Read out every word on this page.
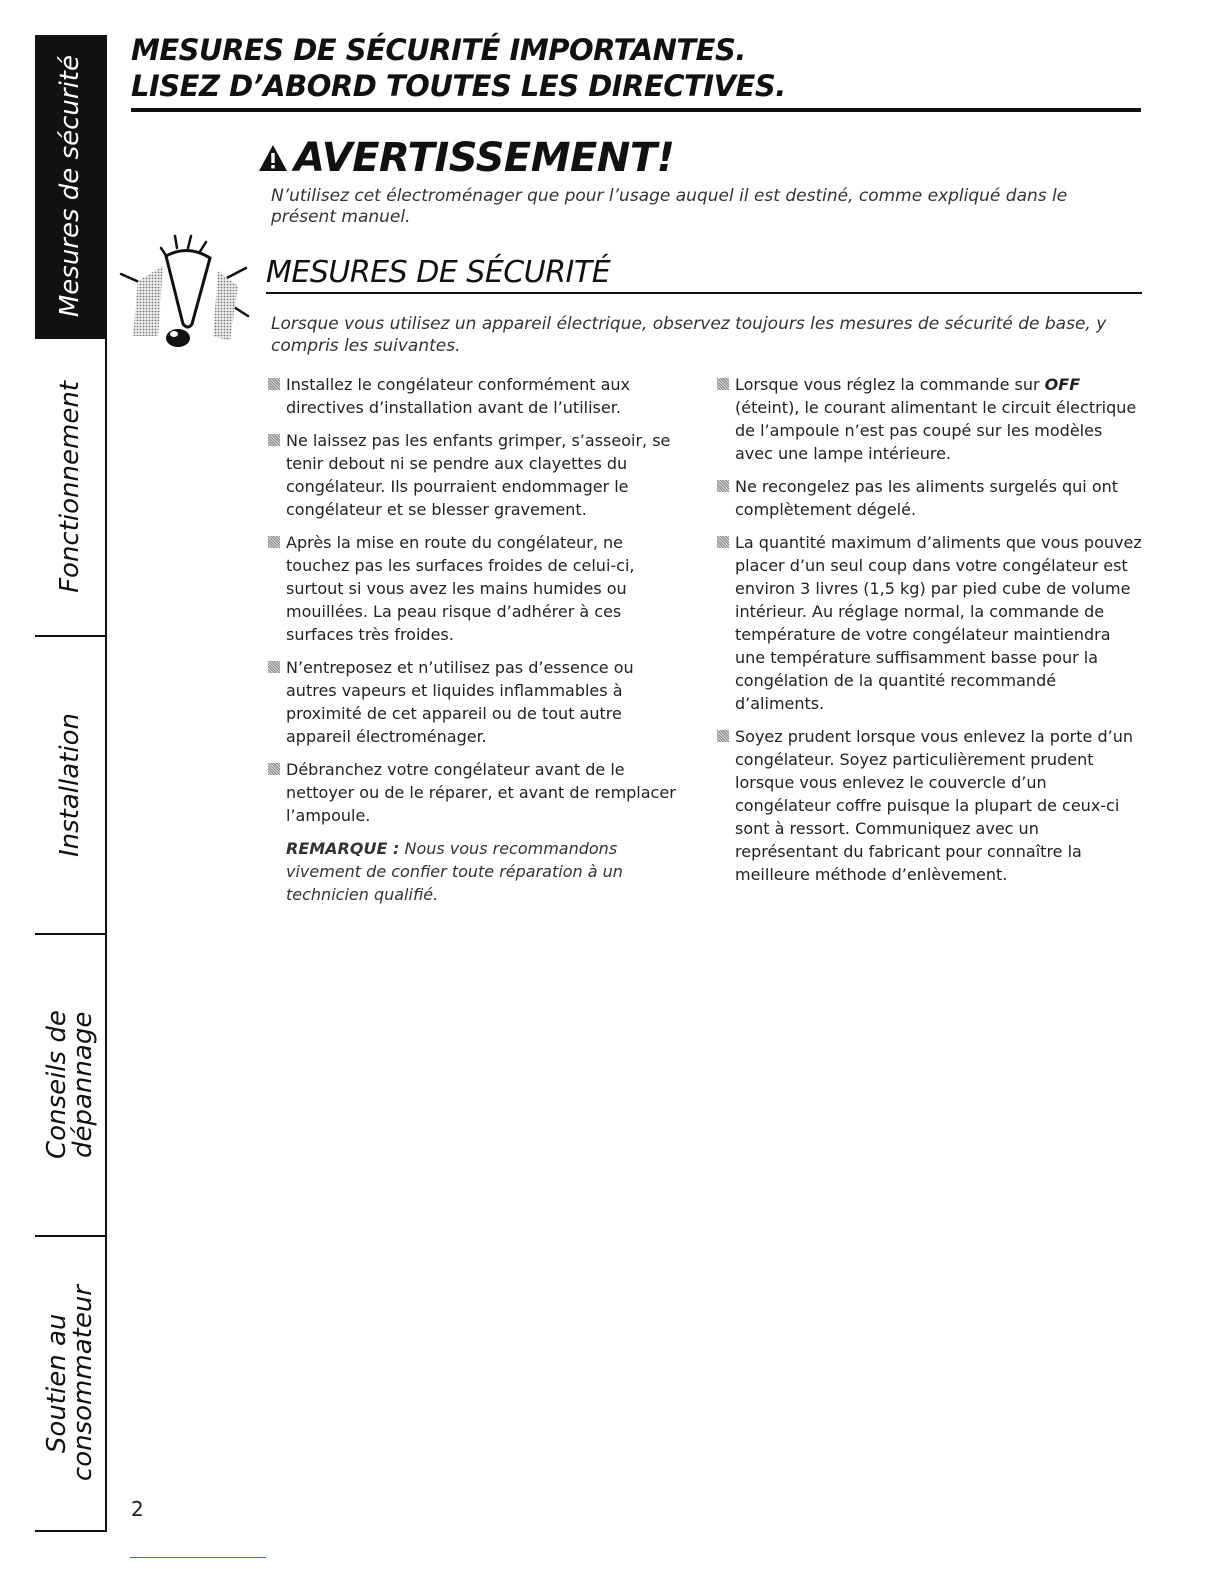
Mesures de sécurité
Fonctionnement
Installation
Conseils de dépannage
Soutien au
consommateur
MESURES DE SÉCURITÉ IMPORTANTES.
LISEZ D’ABORD TOUTES LES DIRECTIVES.
AVERTISSEMENT!
N’utilisez cet électroménager que pour l’usage auquel il est destiné, comme expliqué dans le présent manuel.
MESURES DE SÉCURITÉ
Lorsque vous utilisez un appareil électrique, observez toujours les mesures de sécurité de base, y compris les suivantes.
Installez le congélateur conformément aux directives d’installation avant de l’utiliser.
Ne laissez pas les enfants grimper, s’asseoir, se tenir debout ni se pendre aux clayettes du congélateur. Ils pourraient endommager le congélateur et se blesser gravement.
Après la mise en route du congélateur, ne touchez pas les surfaces froides de celui-ci, surtout si vous avez les mains humides ou mouillées. La peau risque d’adhérer à ces surfaces très froides.
N’entreposez et n’utilisez pas d’essence ou autres vapeurs et liquides inflammables à proximité de cet appareil ou de tout autre appareil électroménager.
Débranchez votre congélateur avant de le nettoyer ou de le réparer, et avant de remplacer l’ampoule.
REMARQUE : Nous vous recommandons vivement de confier toute réparation à un technicien qualifié.
Lorsque vous réglez la commande sur OFF (éteint), le courant alimentant le circuit électrique de l’ampoule n’est pas coupé sur les modèles avec une lampe intérieure.
Ne recongelez pas les aliments surgelés qui ont complètement dégelé.
La quantité maximum d’aliments que vous pouvez placer d’un seul coup dans votre congélateur est environ 3 livres (1,5 kg) par pied cube de volume intérieur. Au réglage normal, la commande de température de votre congélateur maintiendra une température suffisamment basse pour la congélation de la quantité recommandé d’aliments.
Soyez prudent lorsque vous enlevez la porte d’un congélateur. Soyez particulièrement prudent lorsque vous enlevez le couvercle d’un congélateur coffre puisque la plupart de ceux-ci sont à ressort. Communiquez avec un représentant du fabricant pour connaître la meilleure méthode d’enlèvement.
2
